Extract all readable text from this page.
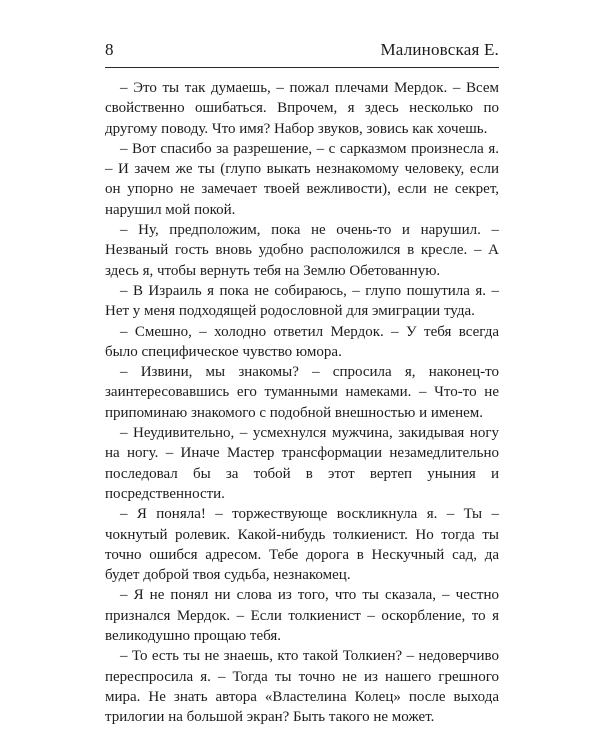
8	Малиновская Е.

– Это ты так думаешь, – пожал плечами Мердок. – Всем свойственно ошибаться. Впрочем, я здесь несколько по другому поводу. Что имя? Набор звуков, зовись как хочешь.

– Вот спасибо за разрешение, – с сарказмом произнесла я. – И зачем же ты (глупо выкать незнакомому человеку, если он упорно не замечает твоей вежливости), если не секрет, нарушил мой покой.

– Ну, предположим, пока не очень-то и нарушил. – Незваный гость вновь удобно расположился в кресле. – А здесь я, чтобы вернуть тебя на Землю Обетованную.

– В Израиль я пока не собираюсь, – глупо пошутила я. – Нет у меня подходящей родословной для эмиграции туда.

– Смешно, – холодно ответил Мердок. – У тебя всегда было специфическое чувство юмора.

– Извини, мы знакомы? – спросила я, наконец-то заинтересовавшись его туманными намеками. – Что-то не припоминаю знакомого с подобной внешностью и именем.

– Неудивительно, – усмехнулся мужчина, закидывая ногу на ногу. – Иначе Мастер трансформации незамедлительно последовал бы за тобой в этот вертеп уныния и посредственности.

– Я поняла! – торжествующе воскликнула я. – Ты – чокнутый ролевик. Какой-нибудь толкиенист. Но тогда ты точно ошибся адресом. Тебе дорога в Нескучный сад, да будет доброй твоя судьба, незнакомец.

– Я не понял ни слова из того, что ты сказала, – честно признался Мердок. – Если толкиенист – оскорбление, то я великодушно прощаю тебя.

– То есть ты не знаешь, кто такой Толкиен? – недоверчиво переспросила я. – Тогда ты точно не из нашего грешного мира. Не знать автора «Властелина Колец» после выхода трилогии на большой экран? Быть такого не может.
